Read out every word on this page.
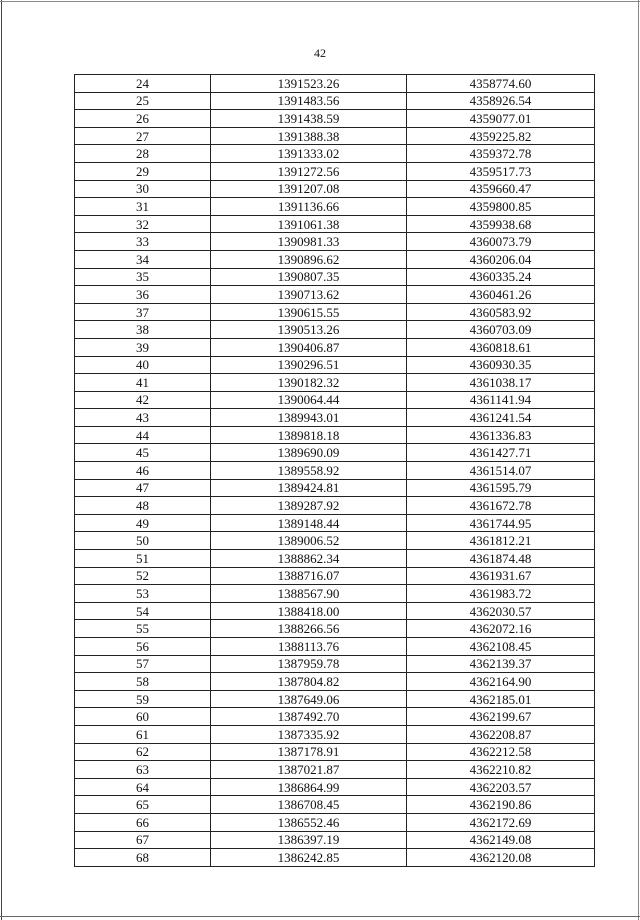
42
24	1391523.26	4358774.60
25	1391483.56	4358926.54
26	1391438.59	4359077.01
27	1391388.38	4359225.82
28	1391333.02	4359372.78
29	1391272.56	4359517.73
30	1391207.08	4359660.47
31	1391136.66	4359800.85
32	1391061.38	4359938.68
33	1390981.33	4360073.79
34	1390896.62	4360206.04
35	1390807.35	4360335.24
36	1390713.62	4360461.26
37	1390615.55	4360583.92
38	1390513.26	4360703.09
39	1390406.87	4360818.61
40	1390296.51	4360930.35
41	1390182.32	4361038.17
42	1390064.44	4361141.94
43	1389943.01	4361241.54
44	1389818.18	4361336.83
45	1389690.09	4361427.71
46	1389558.92	4361514.07
47	1389424.81	4361595.79
48	1389287.92	4361672.78
49	1389148.44	4361744.95
50	1389006.52	4361812.21
51	1388862.34	4361874.48
52	1388716.07	4361931.67
53	1388567.90	4361983.72
54	1388418.00	4362030.57
55	1388266.56	4362072.16
56	1388113.76	4362108.45
57	1387959.78	4362139.37
58	1387804.82	4362164.90
59	1387649.06	4362185.01
60	1387492.70	4362199.67
61	1387335.92	4362208.87
62	1387178.91	4362212.58
63	1387021.87	4362210.82
64	1386864.99	4362203.57
65	1386708.45	4362190.86
66	1386552.46	4362172.69
67	1386397.19	4362149.08
68	1386242.85	4362120.08
